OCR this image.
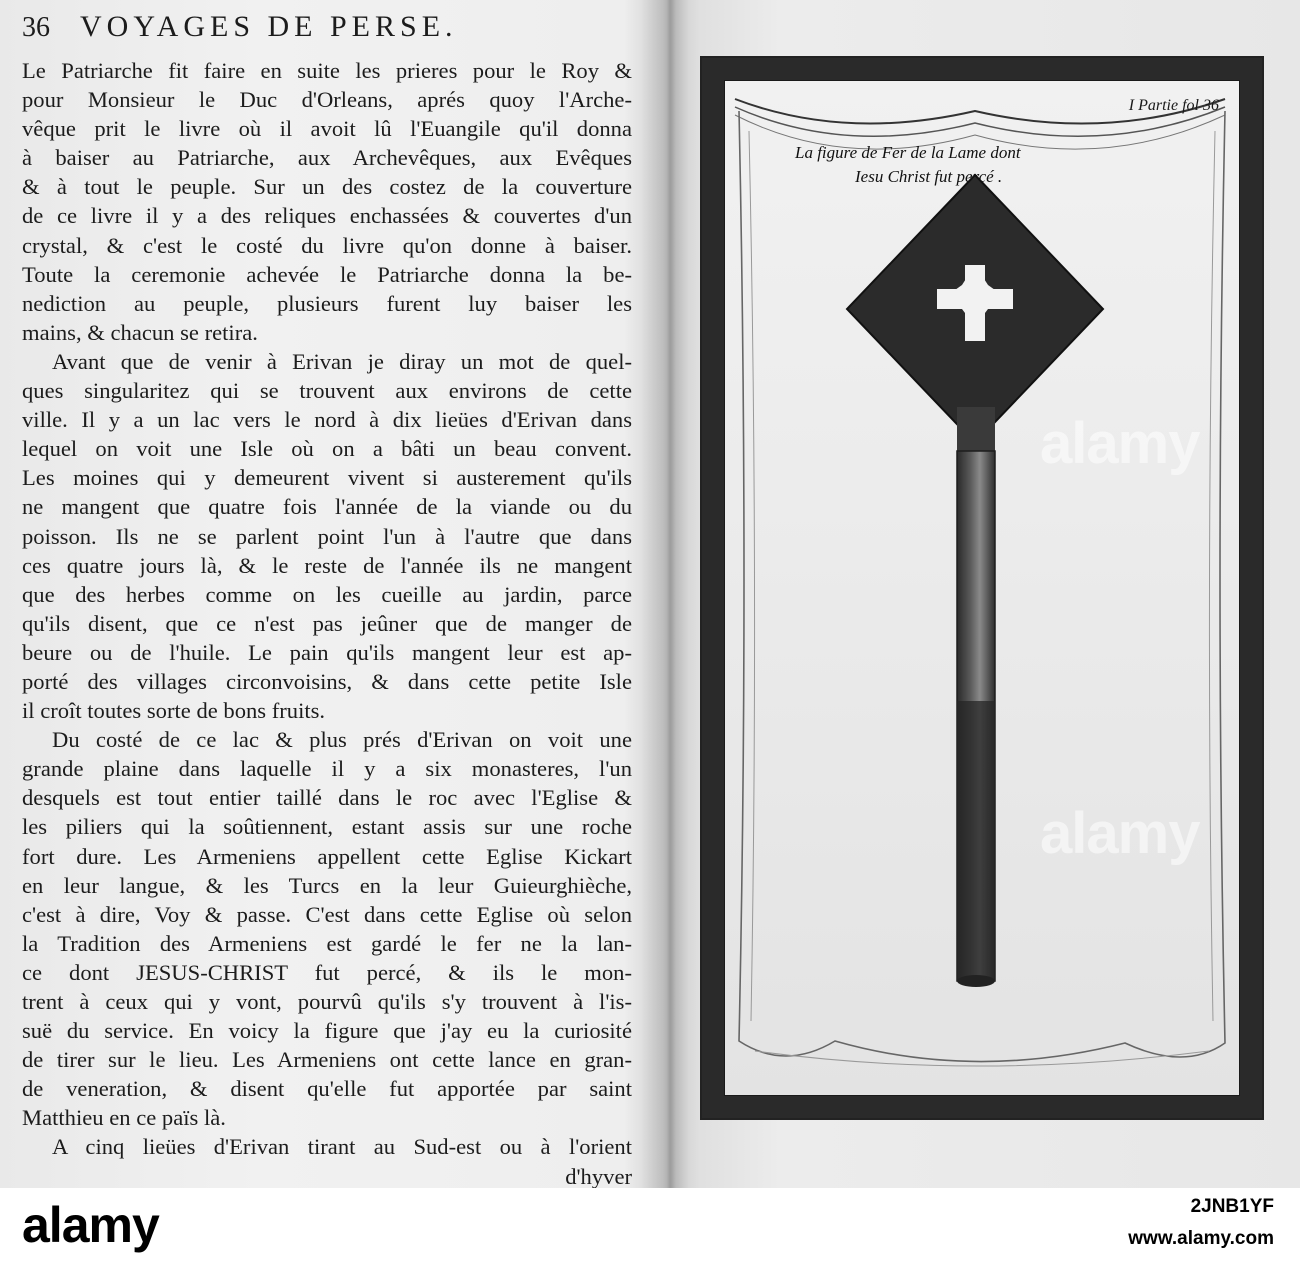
36	VOYAGES DE PERSE.
Le Patriarche fit faire en suite les prieres pour le Roy &
pour Monsieur le Duc d'Orleans, aprés quoy l'Arche-
vêque prit le livre où il avoit lû l'Euangile qu'il donna
à baiser au Patriarche, aux Archevêques, aux Evêques
& à tout le peuple. Sur un des costez de la couverture
de ce livre il y a des reliques enchassées & couvertes d'un
crystal, & c'est le costé du livre qu'on donne à baiser.
Toute la ceremonie achevée le Patriarche donna la be-
nediction au peuple, plusieurs furent luy baiser les
mains, & chacun se retira.
Avant que de venir à Erivan je diray un mot de quel-
ques singularitez qui se trouvent aux environs de cette
ville. Il y a un lac vers le nord à dix lieües d'Erivan dans
lequel on voit une Isle où on a bâti un beau convent.
Les moines qui y demeurent vivent si austerement qu'ils
ne mangent que quatre fois l'année de la viande ou du
poisson. Ils ne se parlent point l'un à l'autre que dans
ces quatre jours là, & le reste de l'année ils ne mangent
que des herbes comme on les cueille au jardin, parce
qu'ils disent, que ce n'est pas jeûner que de manger de
beure ou de l'huile. Le pain qu'ils mangent leur est ap-
porté des villages circonvoisins, & dans cette petite Isle
il croît toutes sorte de bons fruits.
Du costé de ce lac & plus prés d'Erivan on voit une
grande plaine dans laquelle il y a six monasteres, l'un
desquels est tout entier taillé dans le roc avec l'Eglise &
les piliers qui la soûtiennent, estant assis sur une roche
fort dure. Les Armeniens appellent cette Eglise Kickart
en leur langue, & les Turcs en la leur Guieurghièche,
c'est à dire, Voy & passe. C'est dans cette Eglise où selon
la Tradition des Armeniens est gardé le fer ne la lan-
ce dont JESUS-CHRIST fut percé, & ils le mon-
trent à ceux qui y vont, pourvû qu'ils s'y trouvent à l'is-
suë du service. En voicy la figure que j'ay eu la curiosité
de tirer sur le lieu. Les Armeniens ont cette lance en gran-
de veneration, & disent qu'elle fut apportée par saint
Matthieu en ce païs là.
A cinq lieües d'Erivan tirant au Sud-est ou à l'orient
d'hyver
I Partie fol 36
La figure de Fer de la Lame dont
Iesu Christ fut percé .
alamy
alamy
alamy	2JNB1YF
www.alamy.com
